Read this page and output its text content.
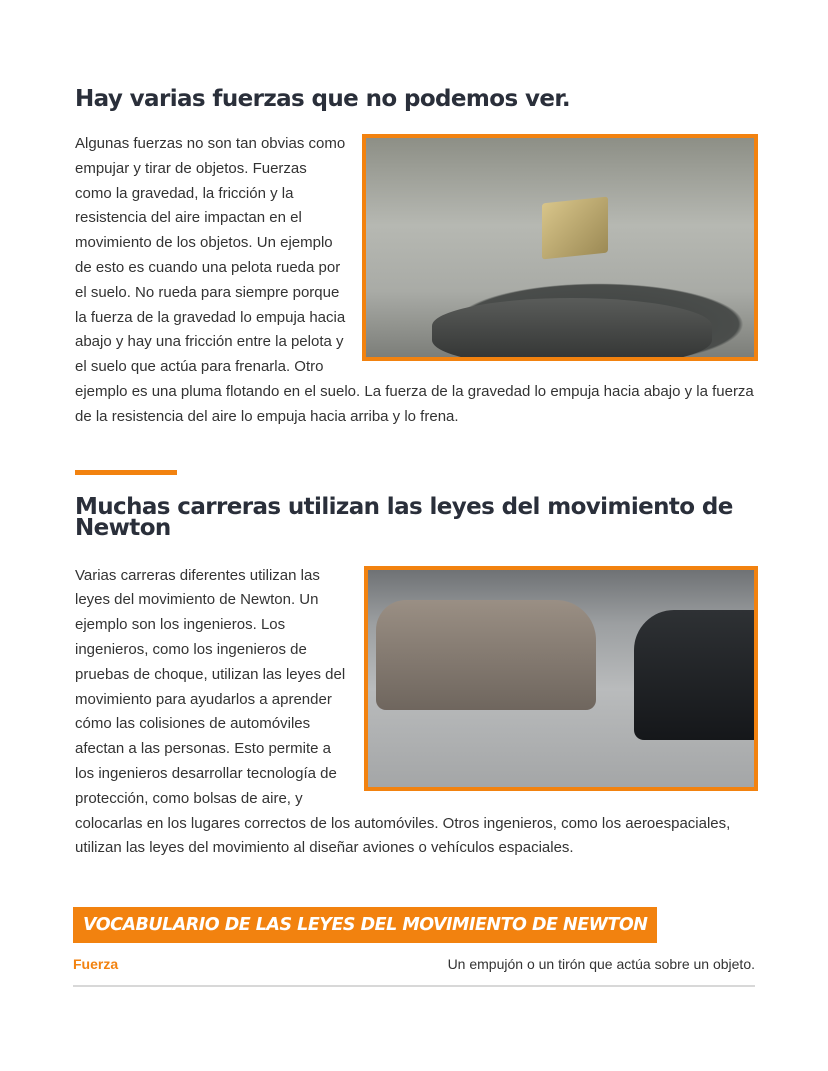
Hay varias fuerzas que no podemos ver.

Algunas fuerzas no son tan obvias como empujar y tirar de objetos. Fuerzas como la gravedad, la fricción y la resistencia del aire impactan en el movimiento de los objetos. Un ejemplo de esto es cuando una pelota rueda por el suelo. No rueda para siempre porque la fuerza de la gravedad lo empuja hacia abajo y hay una fricción entre la pelota y el suelo que actúa para frenarla. Otro ejemplo es una pluma flotando en el suelo. La fuerza de la gravedad lo empuja hacia abajo y la fuerza de la resistencia del aire lo empuja hacia arriba y lo frena.

Muchas carreras utilizan las leyes del movimiento de Newton

Varias carreras diferentes utilizan las leyes del movimiento de Newton. Un ejemplo son los ingenieros. Los ingenieros, como los ingenieros de pruebas de choque, utilizan las leyes del movimiento para ayudarlos a aprender cómo las colisiones de automóviles afectan a las personas. Esto permite a los ingenieros desarrollar tecnología de protección, como bolsas de aire, y colocarlas en los lugares correctos de los automóviles. Otros ingenieros, como los aeroespaciales, utilizan las leyes del movimiento al diseñar aviones o vehículos espaciales.

VOCABULARIO DE LAS LEYES DEL MOVIMIENTO DE NEWTON
Fuerza	Un empujón o un tirón que actúa sobre un objeto.
